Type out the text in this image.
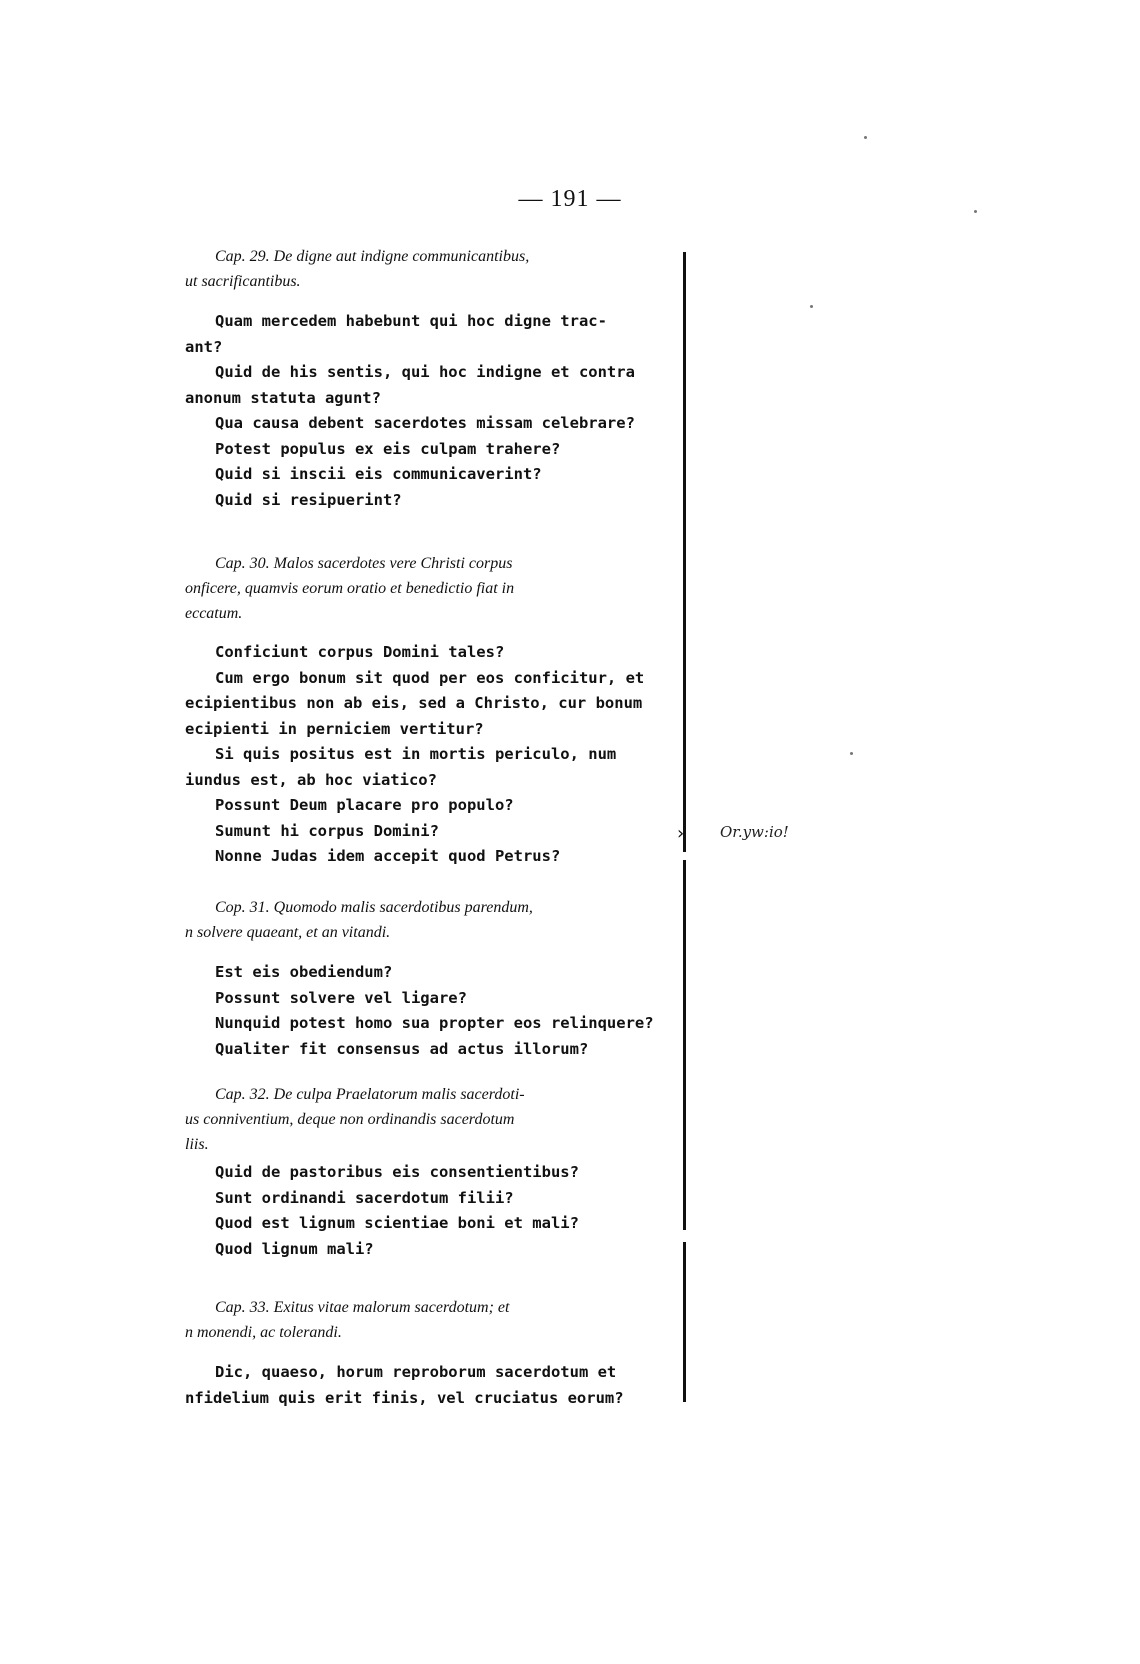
— 191 —
Cap. 29. De digne aut indigne communicantibus,
ut sacrificantibus.
Quam mercedem habebunt qui hoc digne trac-
ant?
Quid de his sentis, qui hoc indigne et contra
anonum statuta agunt?
Qua causa debent sacerdotes missam celebrare?
Potest populus ex eis culpam trahere?
Quid si inscii eis communicaverint?
Quid si resipuerint?
Cap. 30. Malos sacerdotes vere Christi corpus
onficere, quamvis eorum oratio et benedictio fiat in
eccatum.
Conficiunt corpus Domini tales?
Cum ergo bonum sit quod per eos conficitur, et
ecipientibus non ab eis, sed a Christo, cur bonum
ecipienti in perniciem vertitur?
Si quis positus est in mortis periculo, num
iundus est, ab hoc viatico?
Possunt Deum placare pro populo?
Sumunt hi corpus Domini?
Nonne Judas idem accepit quod Petrus?
Cop. 31. Quomodo malis sacerdotibus parendum,
n solvere quaeant, et an vitandi.
Est eis obediendum?
Possunt solvere vel ligare?
Nunquid potest homo sua propter eos relinquere?
Qualiter fit consensus ad actus illorum?
Cap. 32. De culpa Praelatorum malis sacerdoti-
us conniventium, deque non ordinandis sacerdotum
liis.
Quid de pastoribus eis consentientibus?
Sunt ordinandi sacerdotum filii?
Quod est lignum scientiae boni et mali?
Quod lignum mali?
Cap. 33. Exitus vitae malorum sacerdotum; et
n monendi, ac tolerandi.
Dic, quaeso, horum reproborum sacerdotum et
nfidelium quis erit finis, vel cruciatus eorum?
› Or.yw:io!
